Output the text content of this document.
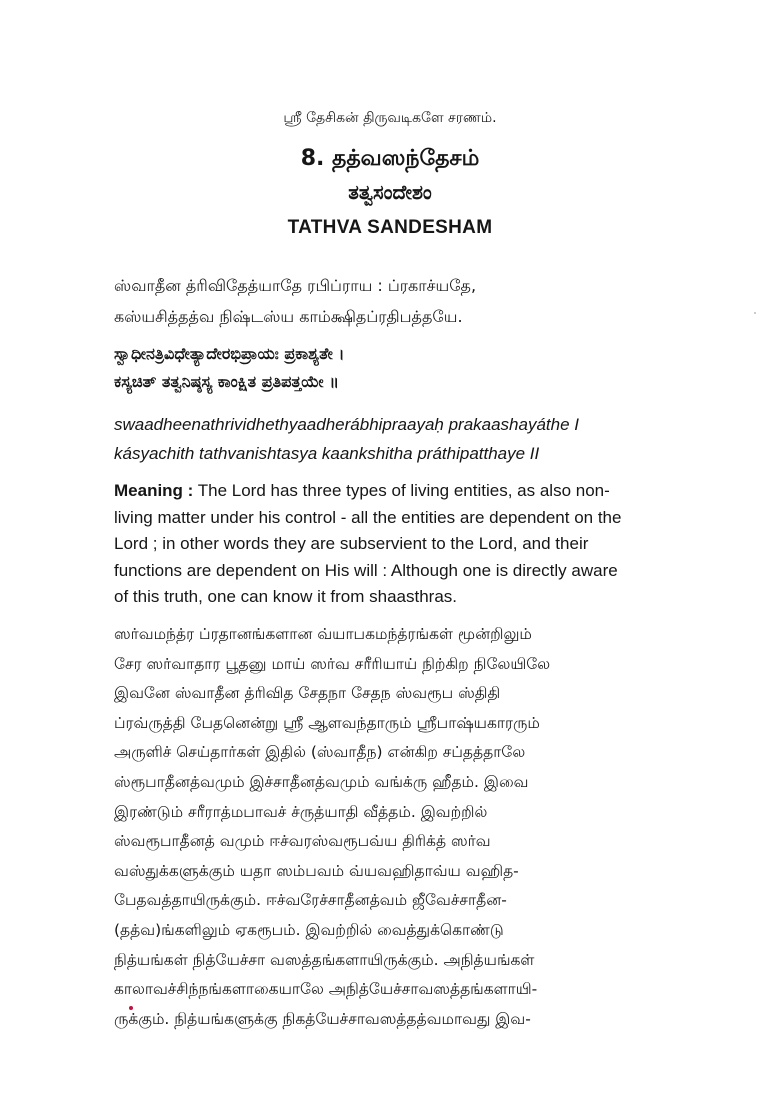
ஸ்ரீ தேசிகன் திருவடிகளே சரணம்.
8. தத்வஸந்தேசம்
ತತ್ವಸಂದೇಶಂ
TATHVA SANDESHAM
ஸ்வாதீன த்ரிவிதேத்யாதே ரபிப்ராய : ப்ரகாச்யதே,
கஸ்யசித்தத்வ நிஷ்டஸ்ய காம்க்ஷிதப்ரதிபத்தயே.
ಸ್ವಾಧೀನತ್ರಿವಿಧೇತ್ಯಾದೇರಭಿಪ್ರಾಯಃ ಪ್ರಕಾಶ್ಯತೇ ।
ಕಸ್ಯಚಿತ್ ತತ್ವನಿಷ್ಠಸ್ಯ ಕಾಂಕ್ಷಿತ ಪ್ರತಿಪತ್ತಯೇ ॥
swaadheenathrividhethyaadherábhipraayaḥ prakaashayáthe I
kásyachith tathvanishtasya kaankshitha práthipatthaye II
Meaning : The Lord has three types of living entities, as also non-
living matter under his control - all the entities are dependent on the
Lord ; in other words they are subservient to the Lord, and their
functions are dependent on His will : Although one is directly aware
of this truth, one can know it from shaasthras.
ஸர்வமந்த்ர ப்ரதானங்களான வ்யாபகமந்த்ரங்கள் மூன்றிலும்
சேர ஸர்வாதார பூதனு மாய் ஸர்வ சரீரியாய் நிற்கிற நிலேயிலே
இவனே ஸ்வாதீன த்ரிவித சேதநா சேதந ஸ்வரூப ஸ்திதி
ப்ரவ்ருத்தி பேதனென்று ஸ்ரீ ஆளவந்தாரும் ஸ்ரீபாஷ்யகாரரும்
அருளிச் செய்தார்கள் இதில் (ஸ்வாதீந) என்கிற சப்தத்தாலே
ஸ்ரூபாதீனத்வமும் இச்சாதீனத்வமும் வங்க்ரு ஹீதம். இவை
இரண்டும் சரீராத்மபாவச் ச்ருத்யாதி வீத்தம். இவற்றில்
ஸ்வரூபாதீனத் வமும் ஈச்வரஸ்வரூபவ்ய திரிக்த் ஸர்வ
வஸ்துக்களுக்கும் யதா ஸம்பவம் வ்யவஹிதாவ்ய வஹித-
பேதவத்தாயிருக்கும். ஈச்வரேச்சாதீனத்வம் ஜீவேச்சாதீன-
(தத்வ)ங்களிலும் ஏகரூபம். இவற்றில் வைத்துக்கொண்டு
நித்யங்கள் நித்யேச்சா வஸத்தங்களாயிருக்கும். அநித்யங்கள்
காலாவச்சிந்நங்களாகையாலே அநித்யேச்சாவஸத்தங்களாயி-
ருக்கும். நித்யங்களுக்கு நிகத்யேச்சாவஸத்தத்வமாவது இவ-
